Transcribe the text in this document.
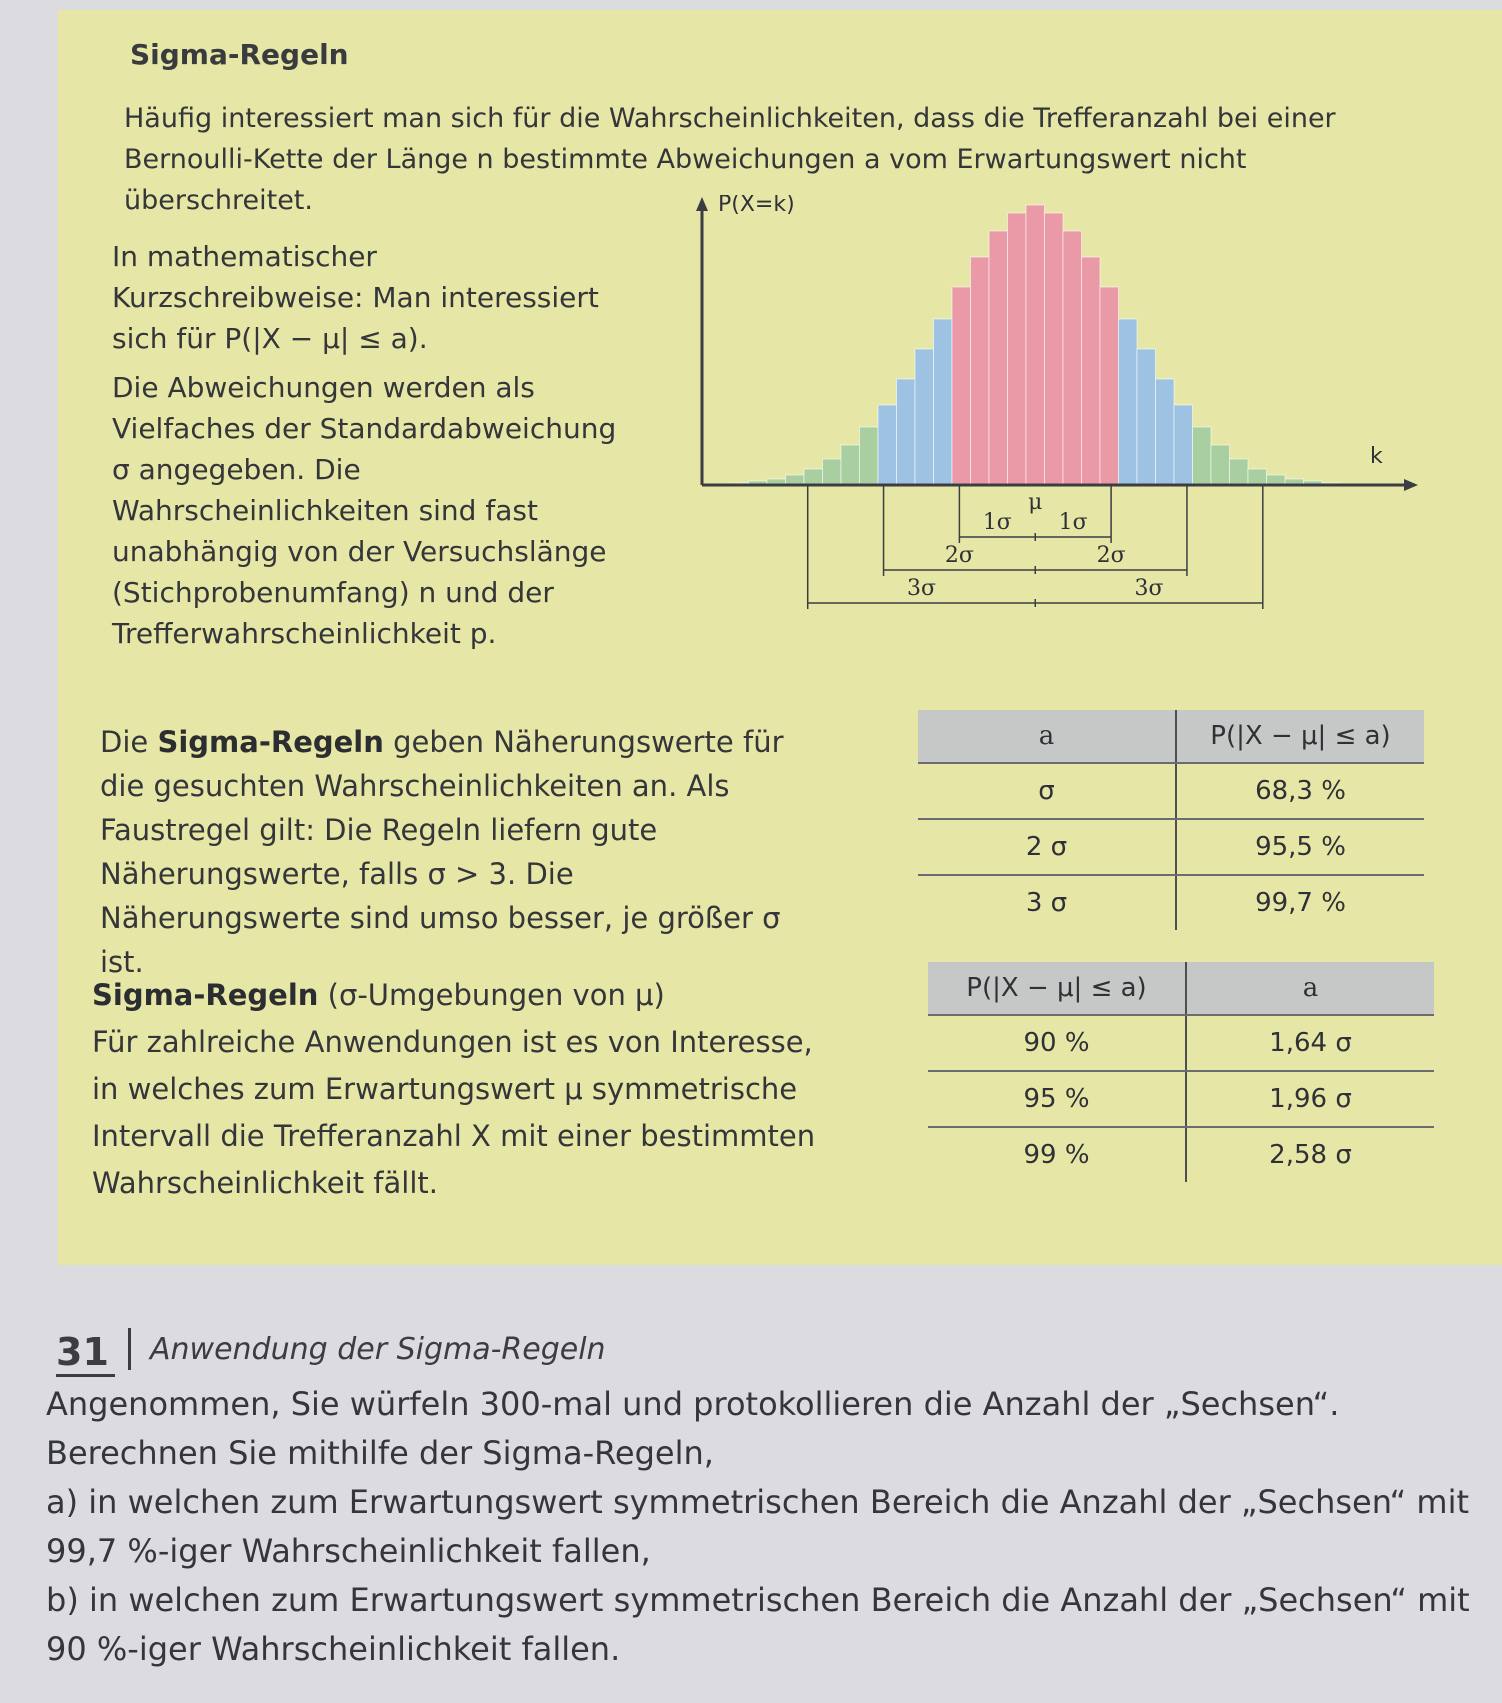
Sigma-Regeln
Häufig interessiert man sich für die Wahrscheinlichkeiten, dass die Trefferanzahl bei einer Bernoulli-Kette der Länge n bestimmte Abweichungen a vom Erwartungswert nicht überschreitet.

In mathematischer Kurzschreibweise: Man interessiert sich für P(|X − μ| ≤ a).

Die Abweichungen werden als Vielfaches der Standardabweichung σ angegeben. Die Wahrscheinlichkeiten sind fast unabhängig von der Versuchslänge (Stichprobenumfang) n und der Trefferwahrscheinlichkeit p.

P(X=k)
k
μ
1σ 1σ
2σ	2σ
3σ	3σ
Die Sigma-Regeln geben Näherungswerte für die gesuchten Wahrscheinlichkeiten an. Als Faustregel gilt: Die Regeln liefern gute Näherungswerte, falls σ > 3. Die Näherungswerte sind umso besser, je größer σ ist.
a	P(|X − μ| ≤ a)
σ	68,3 %
2 σ	95,5 %
3 σ	99,7 %
Sigma-Regeln (σ-Umgebungen von μ)
Für zahlreiche Anwendungen ist es von Interesse, in welches zum Erwartungswert μ symmetrische Intervall die Trefferanzahl X mit einer bestimmten Wahrscheinlichkeit fällt.
P(|X − μ| ≤ a)	a
90 %	1,64 σ
95 %	1,96 σ
99 %	2,58 σ
31 Anwendung der Sigma-Regeln

Angenommen, Sie würfeln 300-mal und protokollieren die Anzahl der „Sechsen“.

Berechnen Sie mithilfe der Sigma-Regeln,

a) in welchen zum Erwartungswert symmetrischen Bereich die Anzahl der „Sechsen“ mit 99,7 %-iger Wahrscheinlichkeit fallen,

b) in welchen zum Erwartungswert symmetrischen Bereich die Anzahl der „Sechsen“ mit 90 %-iger Wahrscheinlichkeit fallen.
